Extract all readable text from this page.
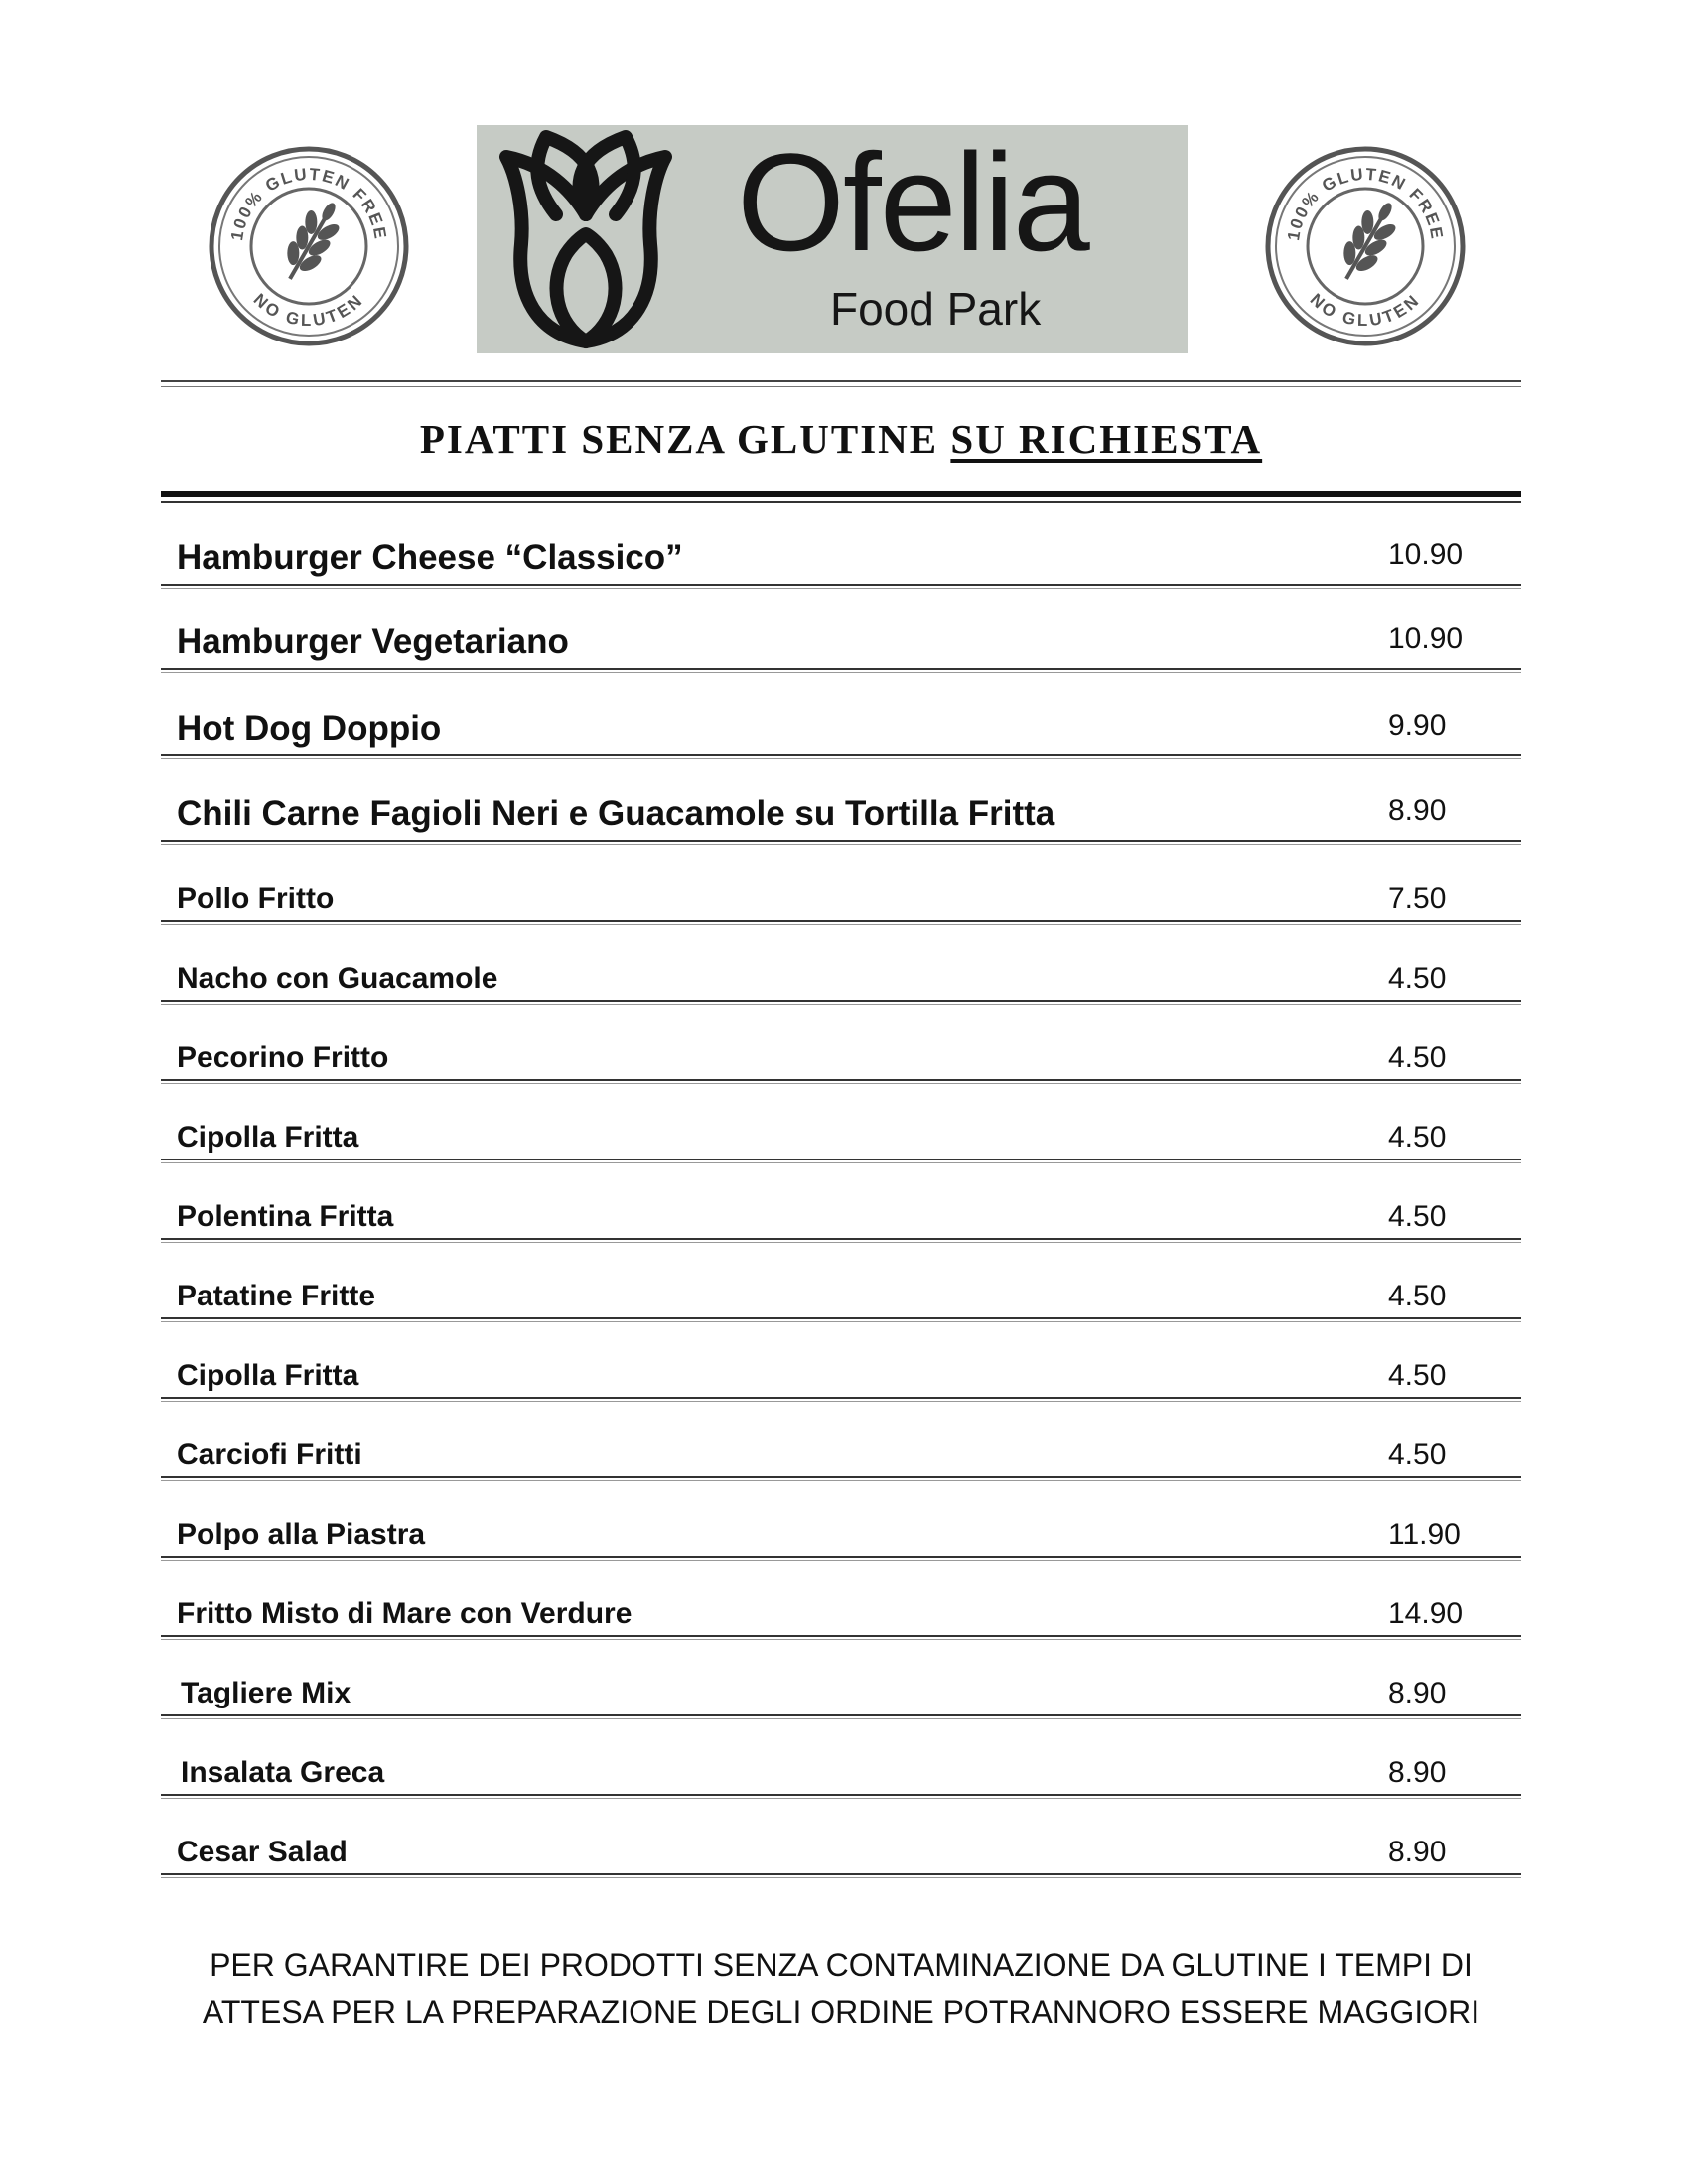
100% GLUTEN FREE
NO GLUTEN
Ofelia
Food Park
100% GLUTEN FREE
NO GLUTEN
PIATTI SENZA GLUTINE SU RICHIESTA
Hamburger Cheese “Classico”	10.90
Hamburger Vegetariano	10.90
Hot Dog Doppio	9.90
Chili Carne Fagioli Neri e Guacamole su Tortilla Fritta	8.90
Pollo Fritto	7.50
Nacho con Guacamole	4.50
Pecorino Fritto	4.50
Cipolla Fritta	4.50
Polentina Fritta	4.50
Patatine Fritte	4.50
Cipolla Fritta	4.50
Carciofi Fritti	4.50
Polpo alla Piastra	11.90
Fritto Misto di Mare con Verdure	14.90
Tagliere Mix	8.90
Insalata Greca	8.90
Cesar Salad	8.90
PER GARANTIRE DEI PRODOTTI SENZA CONTAMINAZIONE DA GLUTINE I TEMPI DI
ATTESA PER LA PREPARAZIONE DEGLI ORDINE POTRANNORO ESSERE MAGGIORI
